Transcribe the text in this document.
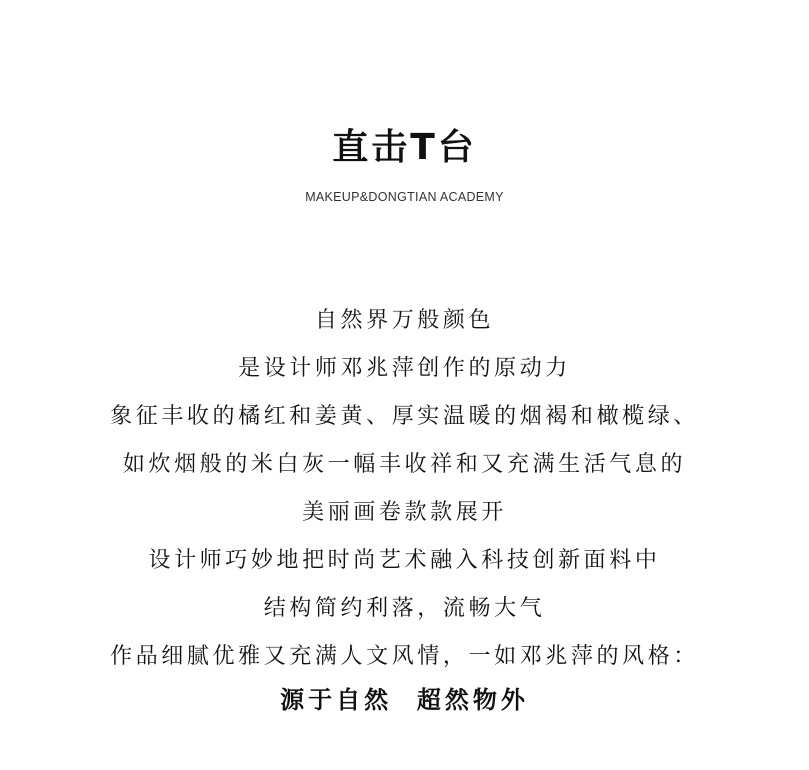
直击T台
MAKEUP&DONGTIAN ACADEMY
自然界万般颜色
是设计师邓兆萍创作的原动力
象征丰收的橘红和姜黄、厚实温暖的烟褐和橄榄绿、
如炊烟般的米白灰一幅丰收祥和又充满生活气息的
美丽画卷款款展开
设计师巧妙地把时尚艺术融入科技创新面料中
结构简约利落，流畅大气
作品细腻优雅又充满人文风情，一如邓兆萍的风格：
源于自然  超然物外
